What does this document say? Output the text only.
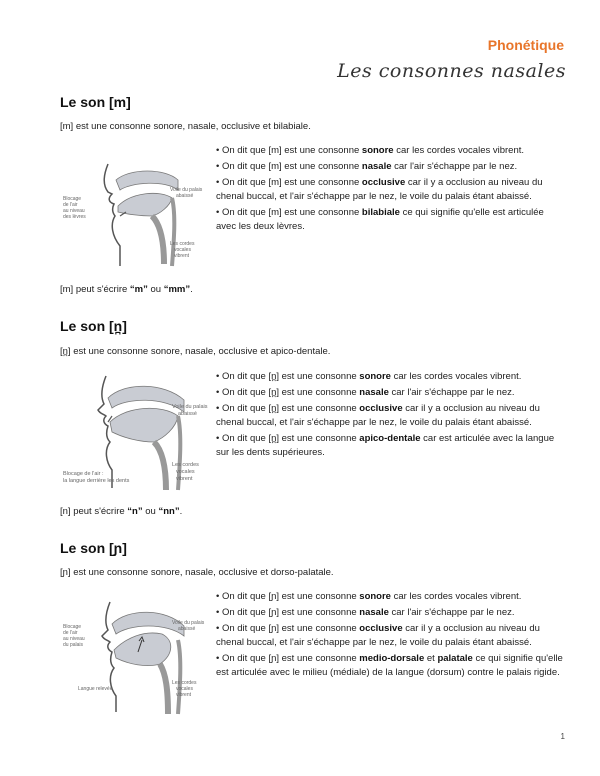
Phonétique
Les consonnes nasales
Le son [m]
[m] est une consonne sonore, nasale, occlusive et bilabiale.
Blocage de l'air au niveau des lèvres
Voile du palais abaissé
Les cordes vocales vibrent
• On dit que [m] est une consonne sonore car les cordes vocales vibrent.
• On dit que [m] est une consonne nasale car l'air s'échappe par le nez.
• On dit que [m] est une consonne occlusive car il y a occlusion au niveau du chenal buccal, et l'air s'échappe par le nez, le voile du palais étant abaissé.
• On dit que [m] est une consonne bilabiale ce qui signifie qu'elle est articulée avec les deux lèvres.
[m] peut s'écrire “m” ou “mm”.
Le son [n̪]
[n̪] est une consonne sonore, nasale, occlusive et apico-dentale.
Blocage de l'air : la langue derrière les dents
Voile du palais abaissé
Les cordes vocales vibrent
• On dit que [n̪] est une consonne sonore car les cordes vocales vibrent.
• On dit que [n̪] est une consonne nasale car l'air s'échappe par le nez.
• On dit que [n̪] est une consonne occlusive car il y a occlusion au niveau du chenal buccal, et l'air s'échappe par le nez, le voile du palais étant abaissé.
• On dit que [n̪] est une consonne apico-dentale car est articulée avec la langue sur les dents supérieures.
[n] peut s'écrire “n” ou “nn”.
Le son [ɲ]
[ɲ] est une consonne sonore, nasale, occlusive et dorso-palatale.
Blocage de l'air au niveau du palais
Langue relevée
Voile du palais abaissé
Les cordes vocales vibrent
• On dit que [ɲ] est une consonne sonore car les cordes vocales vibrent.
• On dit que [ɲ] est une consonne nasale car l'air s'échappe par le nez.
• On dit que [ɲ] est une consonne occlusive car il y a occlusion au niveau du chenal buccal, et l'air s'échappe par le nez, le voile du palais étant abaissé.
• On dit que [ɲ] est une consonne medio-dorsale et palatale ce qui signifie qu'elle est articulée avec le milieu (médiale) de la langue (dorsum) contre le palais rigide.
1
